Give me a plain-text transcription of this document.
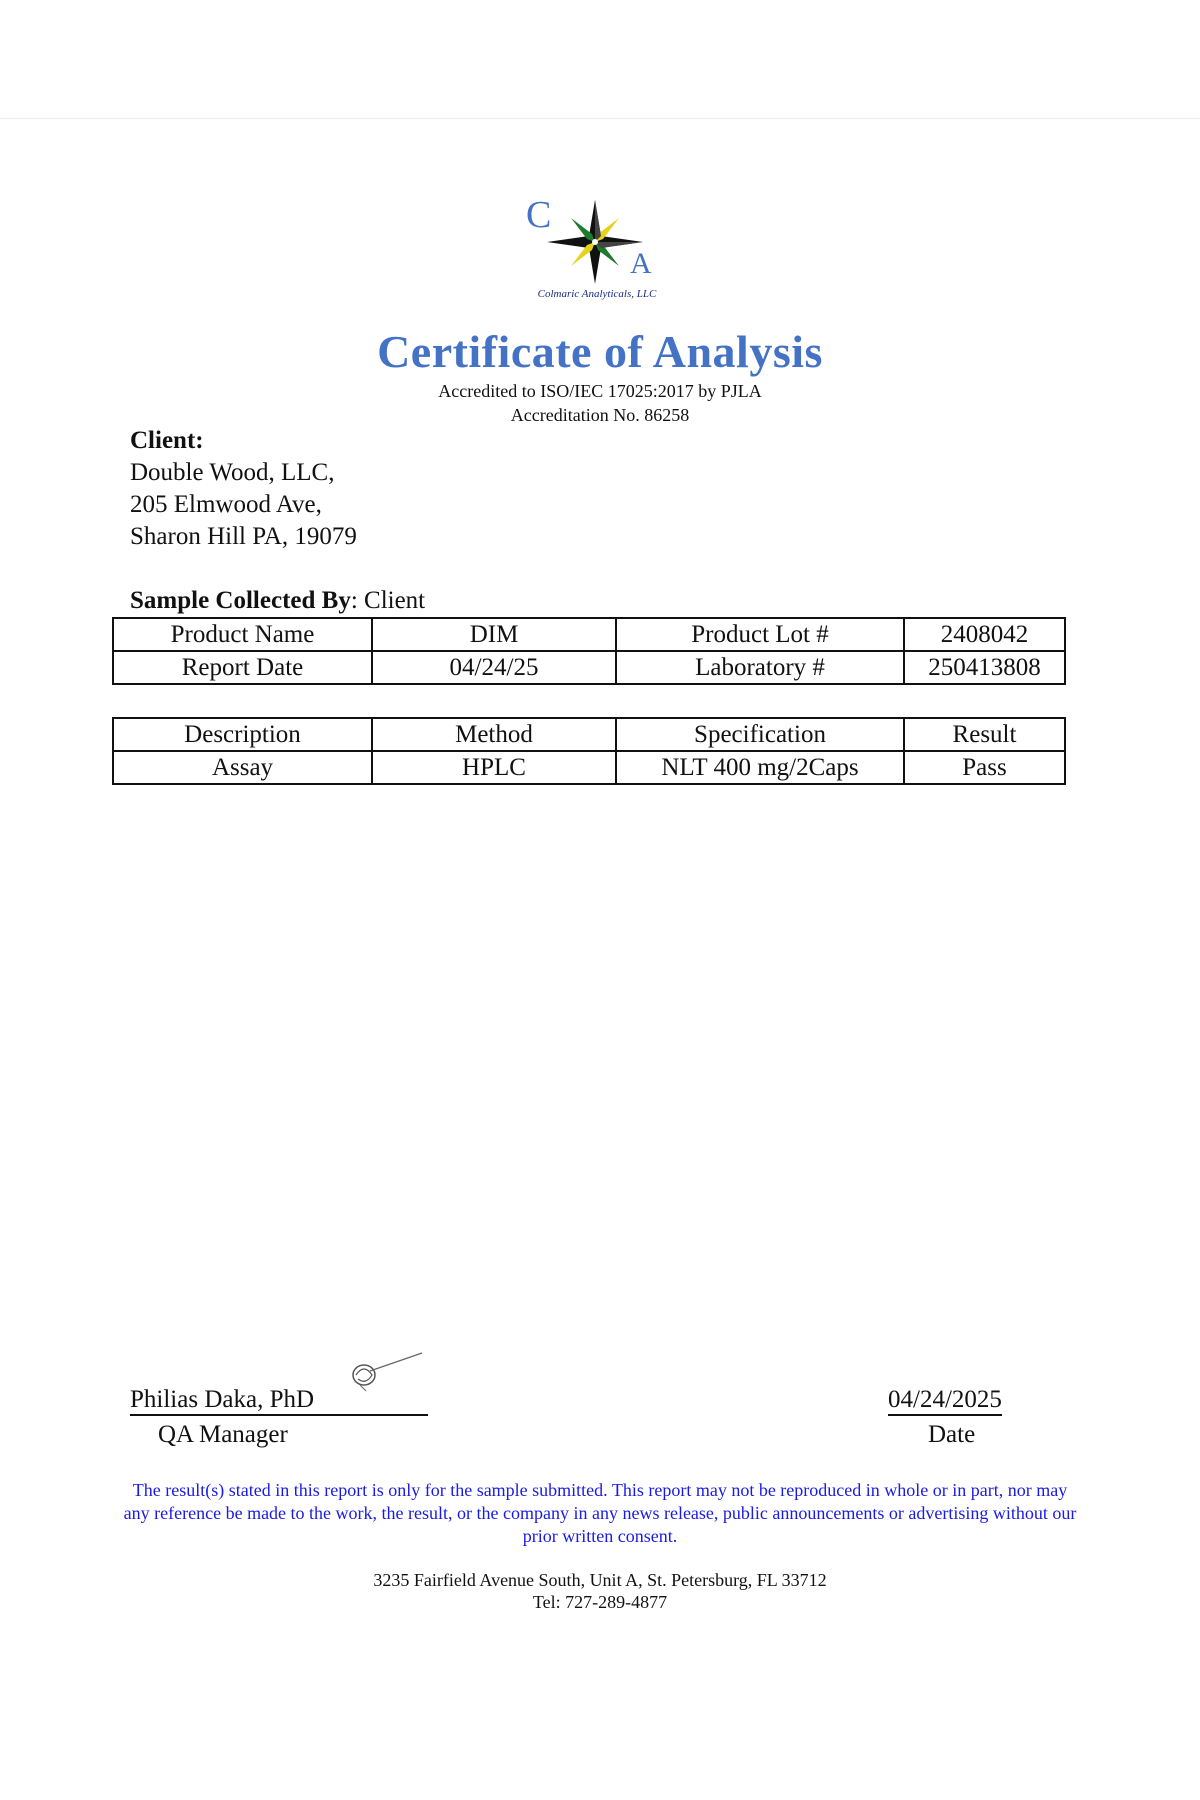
C
A
Colmaric Analyticals, LLC
Certificate of Analysis
Accredited to ISO/IEC 17025:2017 by PJLA
Accreditation No. 86258
Client:
Double Wood, LLC,
205 Elmwood Ave,
Sharon Hill PA, 19079
Sample Collected By: Client
Product Name	DIM	Product Lot #	2408042
Report Date	04/24/25	Laboratory #	250413808
Description	Method	Specification	Result
Assay	HPLC	NLT 400 mg/2Caps	Pass
Philias Daka, PhD
QA Manager
04/24/2025
Date
The result(s) stated in this report is only for the sample submitted. This report may not be reproduced in whole or in part, nor may any reference be made to the work, the result, or the company in any news release, public announcements or advertising without our prior written consent.
3235 Fairfield Avenue South, Unit A, St. Petersburg, FL 33712
Tel: 727-289-4877
